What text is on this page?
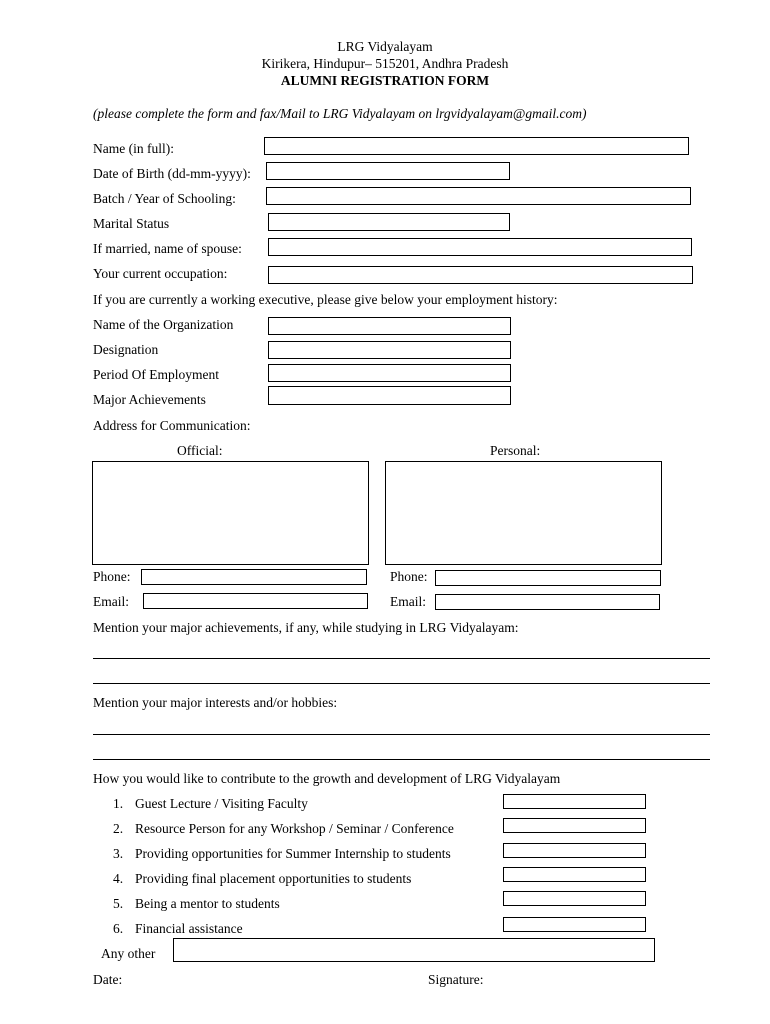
LRG Vidyalayam
Kirikera, Hindupur– 515201, Andhra Pradesh
ALUMNI REGISTRATION FORM
(please complete the form and fax/Mail to LRG Vidyalayam on lrgvidyalayam@gmail.com)
Name (in full):
Date of Birth (dd-mm-yyyy):
Batch / Year of Schooling:
Marital Status
If married, name of spouse:
Your current occupation:
If you are currently a working executive, please give below your employment history:
Name of the Organization
Designation
Period Of Employment
Major Achievements
Address for Communication:
Official:	Personal:
Phone:	Phone:
Email:	Email:
Mention your major achievements, if any, while studying in LRG Vidyalayam:
Mention your major interests and/or hobbies:
How you would like to contribute to the growth and development of LRG Vidyalayam
1. Guest Lecture / Visiting Faculty
2. Resource Person for any Workshop / Seminar / Conference
3. Providing opportunities for Summer Internship to students
4. Providing final placement opportunities to students
5. Being a mentor to students
6. Financial assistance
Any other
Date:	Signature:
